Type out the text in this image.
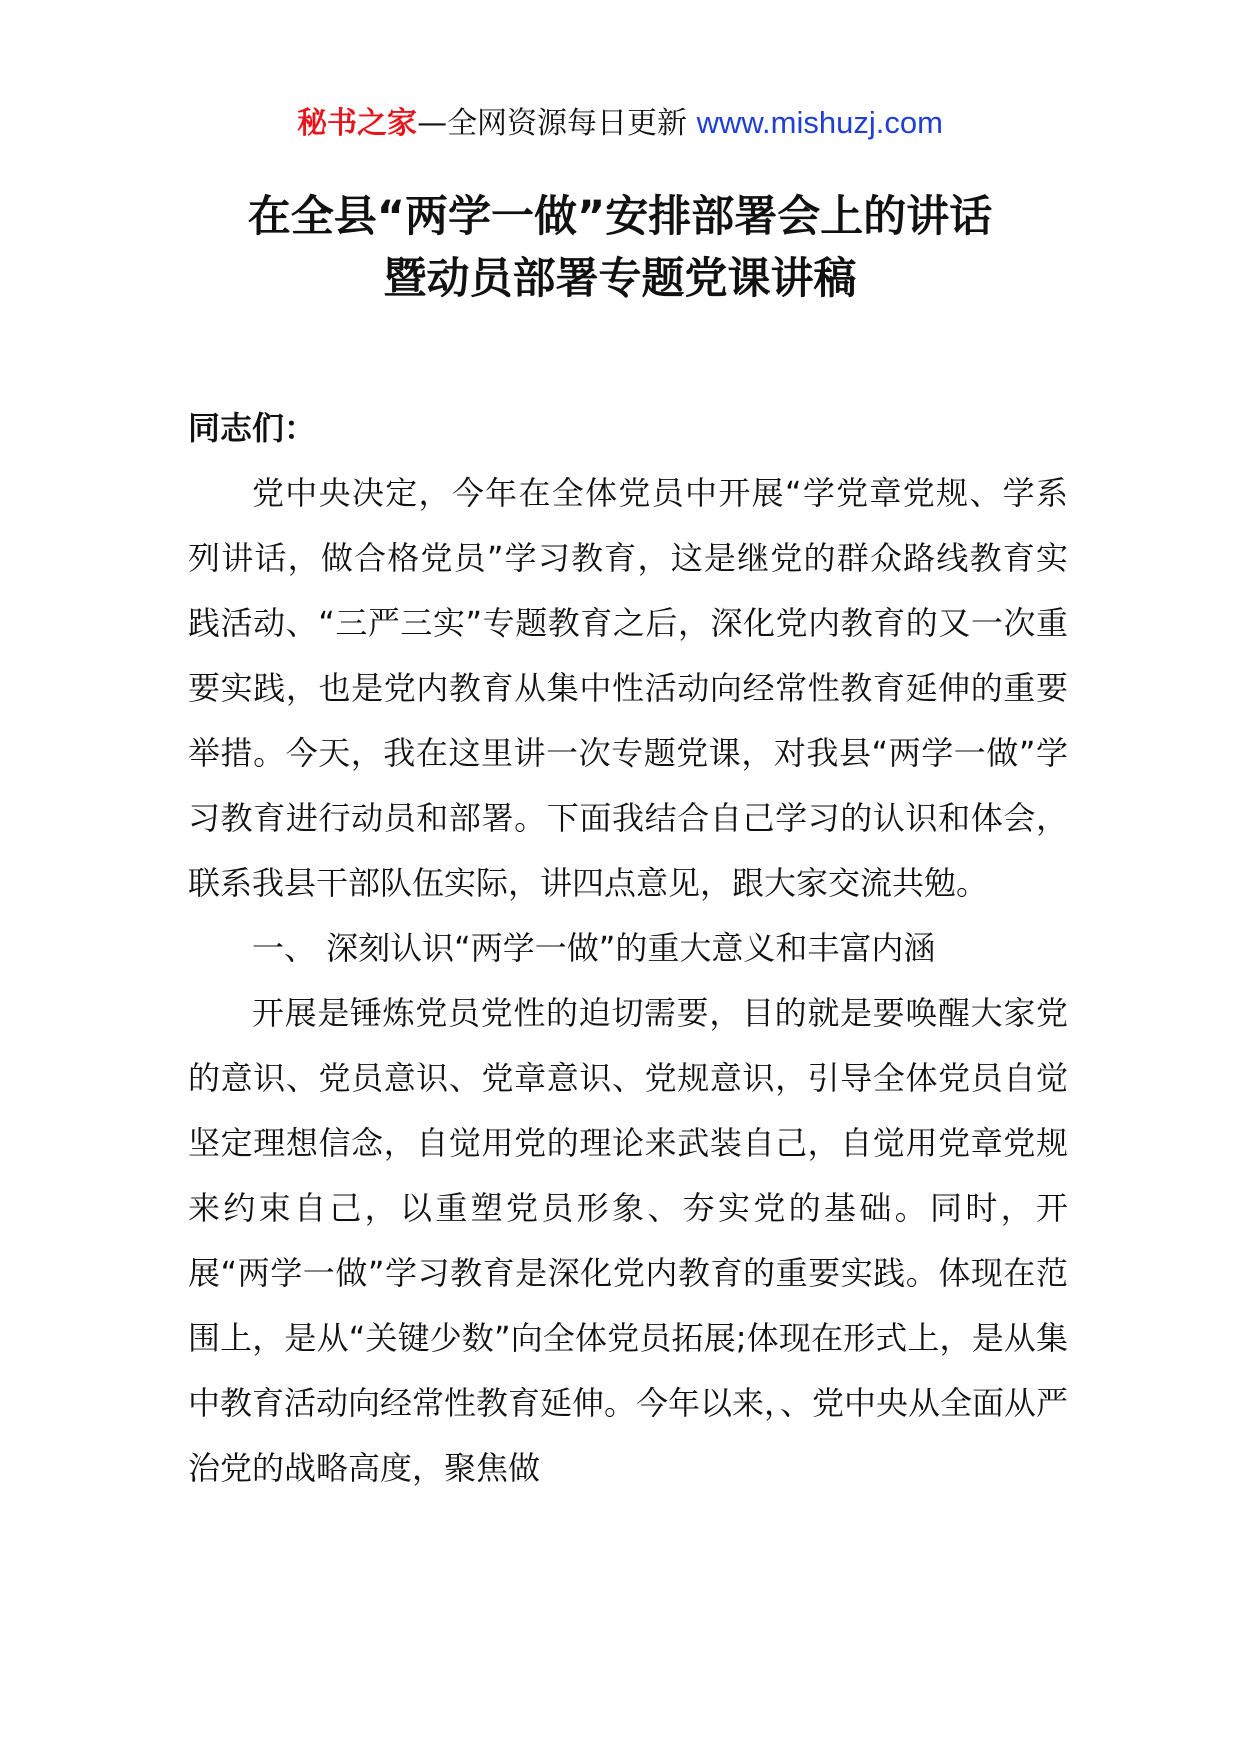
秘书之家—全网资源每日更新 www.mishuzj.com
在全县“两学一做”安排部署会上的讲话
暨动员部署专题党课讲稿
同志们：
党中央决定，今年在全体党员中开展“学党章党规、学系列讲话，做合格党员”学习教育，这是继党的群众路线教育实践活动、“三严三实”专题教育之后，深化党内教育的又一次重要实践，也是党内教育从集中性活动向经常性教育延伸的重要举措。今天，我在这里讲一次专题党课，对我县“两学一做”学习教育进行动员和部署。下面我结合自己学习的认识和体会，联系我县干部队伍实际，讲四点意见，跟大家交流共勉。
一、 深刻认识“两学一做”的重大意义和丰富内涵
开展是锤炼党员党性的迫切需要，目的就是要唤醒大家党的意识、党员意识、党章意识、党规意识，引导全体党员自觉坚定理想信念，自觉用党的理论来武装自己，自觉用党章党规来约束自己，以重塑党员形象、夯实党的基础。同时，开展“两学一做”学习教育是深化党内教育的重要实践。体现在范围上，是从“关键少数”向全体党员拓展;体现在形式上，是从集中教育活动向经常性教育延伸。今年以来，、党中央从全面从严治党的战略高度，聚焦做
